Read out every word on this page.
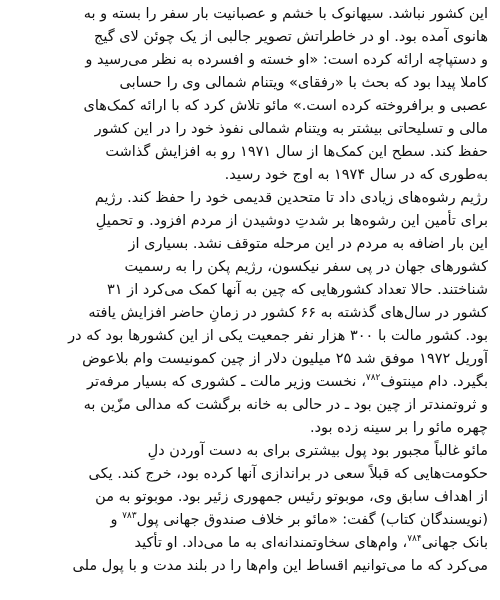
این کشور نباشد. سیهانوک با خشم و عصبانیت بار سفر را بسته و به
هانوی آمده بود. او در خاطراتش تصویر جالبی از یک چوئن لای گیج
و دستپاچه ارائه کرده است: «او خسته و افسرده به نظر می‌رسید و
کاملا پیدا بود که بحث با «رفقای» ویتنام شمالی وی را حسابی
عصبی و برافروخته کرده است.» مائو تلاش کرد که با ارائه کمک‌های
مالی و تسلیحاتی بیشتر به ویتنام شمالی نفوذ خود را در این کشور
حفظ کند. سطح این کمک‌ها از سال ۱۹۷۱ رو به افزایش گذاشت
به‌طوری که در سال ۱۹۷۴ به اوج خود رسید.
رژیم رشوه‌های زیادی داد تا متحدین قدیمی خود را حفظ کند. رژیم
برای تأمین این رشوه‌ها بر شدتِ دوشیدن از مردم افزود. و تحمیلِ
این بار اضافه به مردم در این مرحله متوقف نشد. بسیاری از
کشورهای جهان در پی سفر نیکسون، رژیم پکن را به رسمیت
شناختند. حالا تعداد کشورهایی که چین به آنها کمک می‌کرد از ۳۱
کشور در سال‌های گذشته به ۶۶ کشور در زمانِ حاضر افزایش یافته
بود. کشور مالت با ۳۰۰ هزار نفر جمعیت یکی از این کشورها بود که در
آوریل ۱۹۷۲ موفق شد ۲۵ میلیون دلار از چین کمونیست وام بلاعوض
بگیرد. دام مینتوف$^{۷۸۲}$، نخست وزیر مالت ـ کشوری که بسیار مرفه‌تر
و ثروتمندتر از چین بود ـ در حالی به خانه برگشت که مدالی مزّین به
چهره مائو را بر سینه زده بود.
مائو غالباً مجبور بود پول بیشتری برای به دست آوردن دلِ
حکومت‌هایی که قبلاً سعی در براندازی آنها کرده بود، خرج کند. یکی
از اهداف سابق وی، موبوتو رئیس جمهوری زئیر بود. موبوتو به من
(نویسندگان کتاب) گفت: «مائو بر خلاف صندوق جهانی پول$^{۷۸۳}$ و
بانک جهانی$^{۷۸۴}$، وام‌های سخاوتمندانه‌ای به ما می‌داد. او تأکید
می‌کرد که ما می‌توانیم اقساط این وام‌ها را در بلند مدت و با پول ملی
